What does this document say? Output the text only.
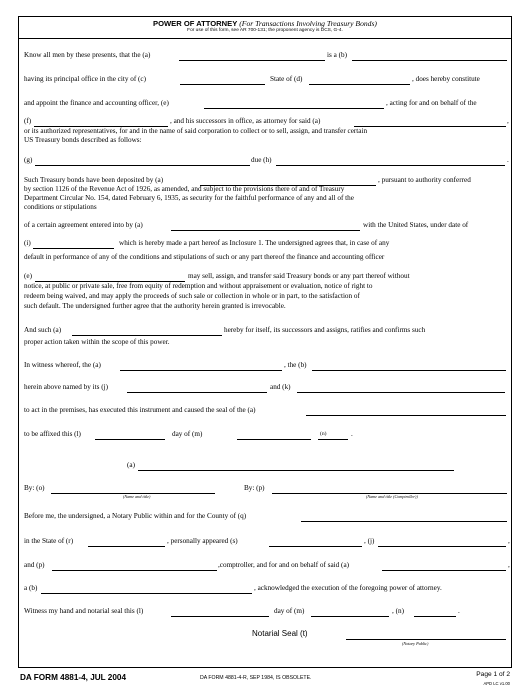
POWER OF ATTORNEY (For Transactions Involving Treasury Bonds)
For use of this form, see AR 700-131; the proponent agency is DCS, G-4.
Know all men by these presents, that the (a)	is a (b)
having its principal office in the city of (c)	State of (d)	, does hereby constitute
and appoint the finance and accounting officer, (e)	, acting for and on behalf of the
(f)	, and his successors in office, as attorney for said (a)	,
or its authorized representatives, for and in the name of said corporation to collect or to sell, assign, and transfer certain
US Treasury bonds described as follows:
(g)	due (h)	.
Such Treasury bonds have been deposited by (a)	, pursuant to authority conferred
by section 1126 of the Revenue Act of 1926, as amended, and subject to the provisions there of and of Treasury
Department Circular No. 154, dated February 6, 1935, as security for the faithful performance of any and all of the
conditions or stipulations
of a certain agreement entered into by (a)	with the United States, under date of
(i)	which is hereby made a part hereof as Inclosure 1. The undersigned agrees that, in case of any
default in performance of any of the conditions and stipulations of such or any part thereof the finance and accounting officer
(e)	may sell, assign, and transfer said Treasury bonds or any part thereof without
notice, at public or private sale, free from equity of redemption and without appraisement or evaluation, notice of right to
redeem being waived, and may apply the proceeds of such sale or collection in whole or in part, to the satisfaction of
such default. The undersigned further agree that the authority herein granted is irrevocable.
And such (a)	hereby for itself, its successors and assigns, ratifies and confirms such
proper action taken within the scope of this power.
In witness whereof, the (a)	, the (b)
herein above named by its (j)	and (k)
to act in the premises, has executed this instrument and caused the seal of the (a)
to be affixed this (l)	day of (m)	(n)	.
(a)
By: (o)	By: (p)
(Name and title)	(Name and title (Comptroller))
Before me, the undersigned, a Notary Public within and for the County of (q)
in the State of (r)	, personally appeared (s)	, (j)	,
and (p)	,comptroller, and for and on behalf of said (a)	,
a (b)	, acknowledged the execution of the foregoing power of attorney.
Witness my hand and notarial seal this (l)	day of (m)	, (n)	.
Notarial Seal (t)
(Notary Public)
DA FORM 4881-4, JUL 2004	DA FORM 4881-4-R, SEP 1984, IS OBSOLETE.	Page 1 of 2
APD LC v1.00
